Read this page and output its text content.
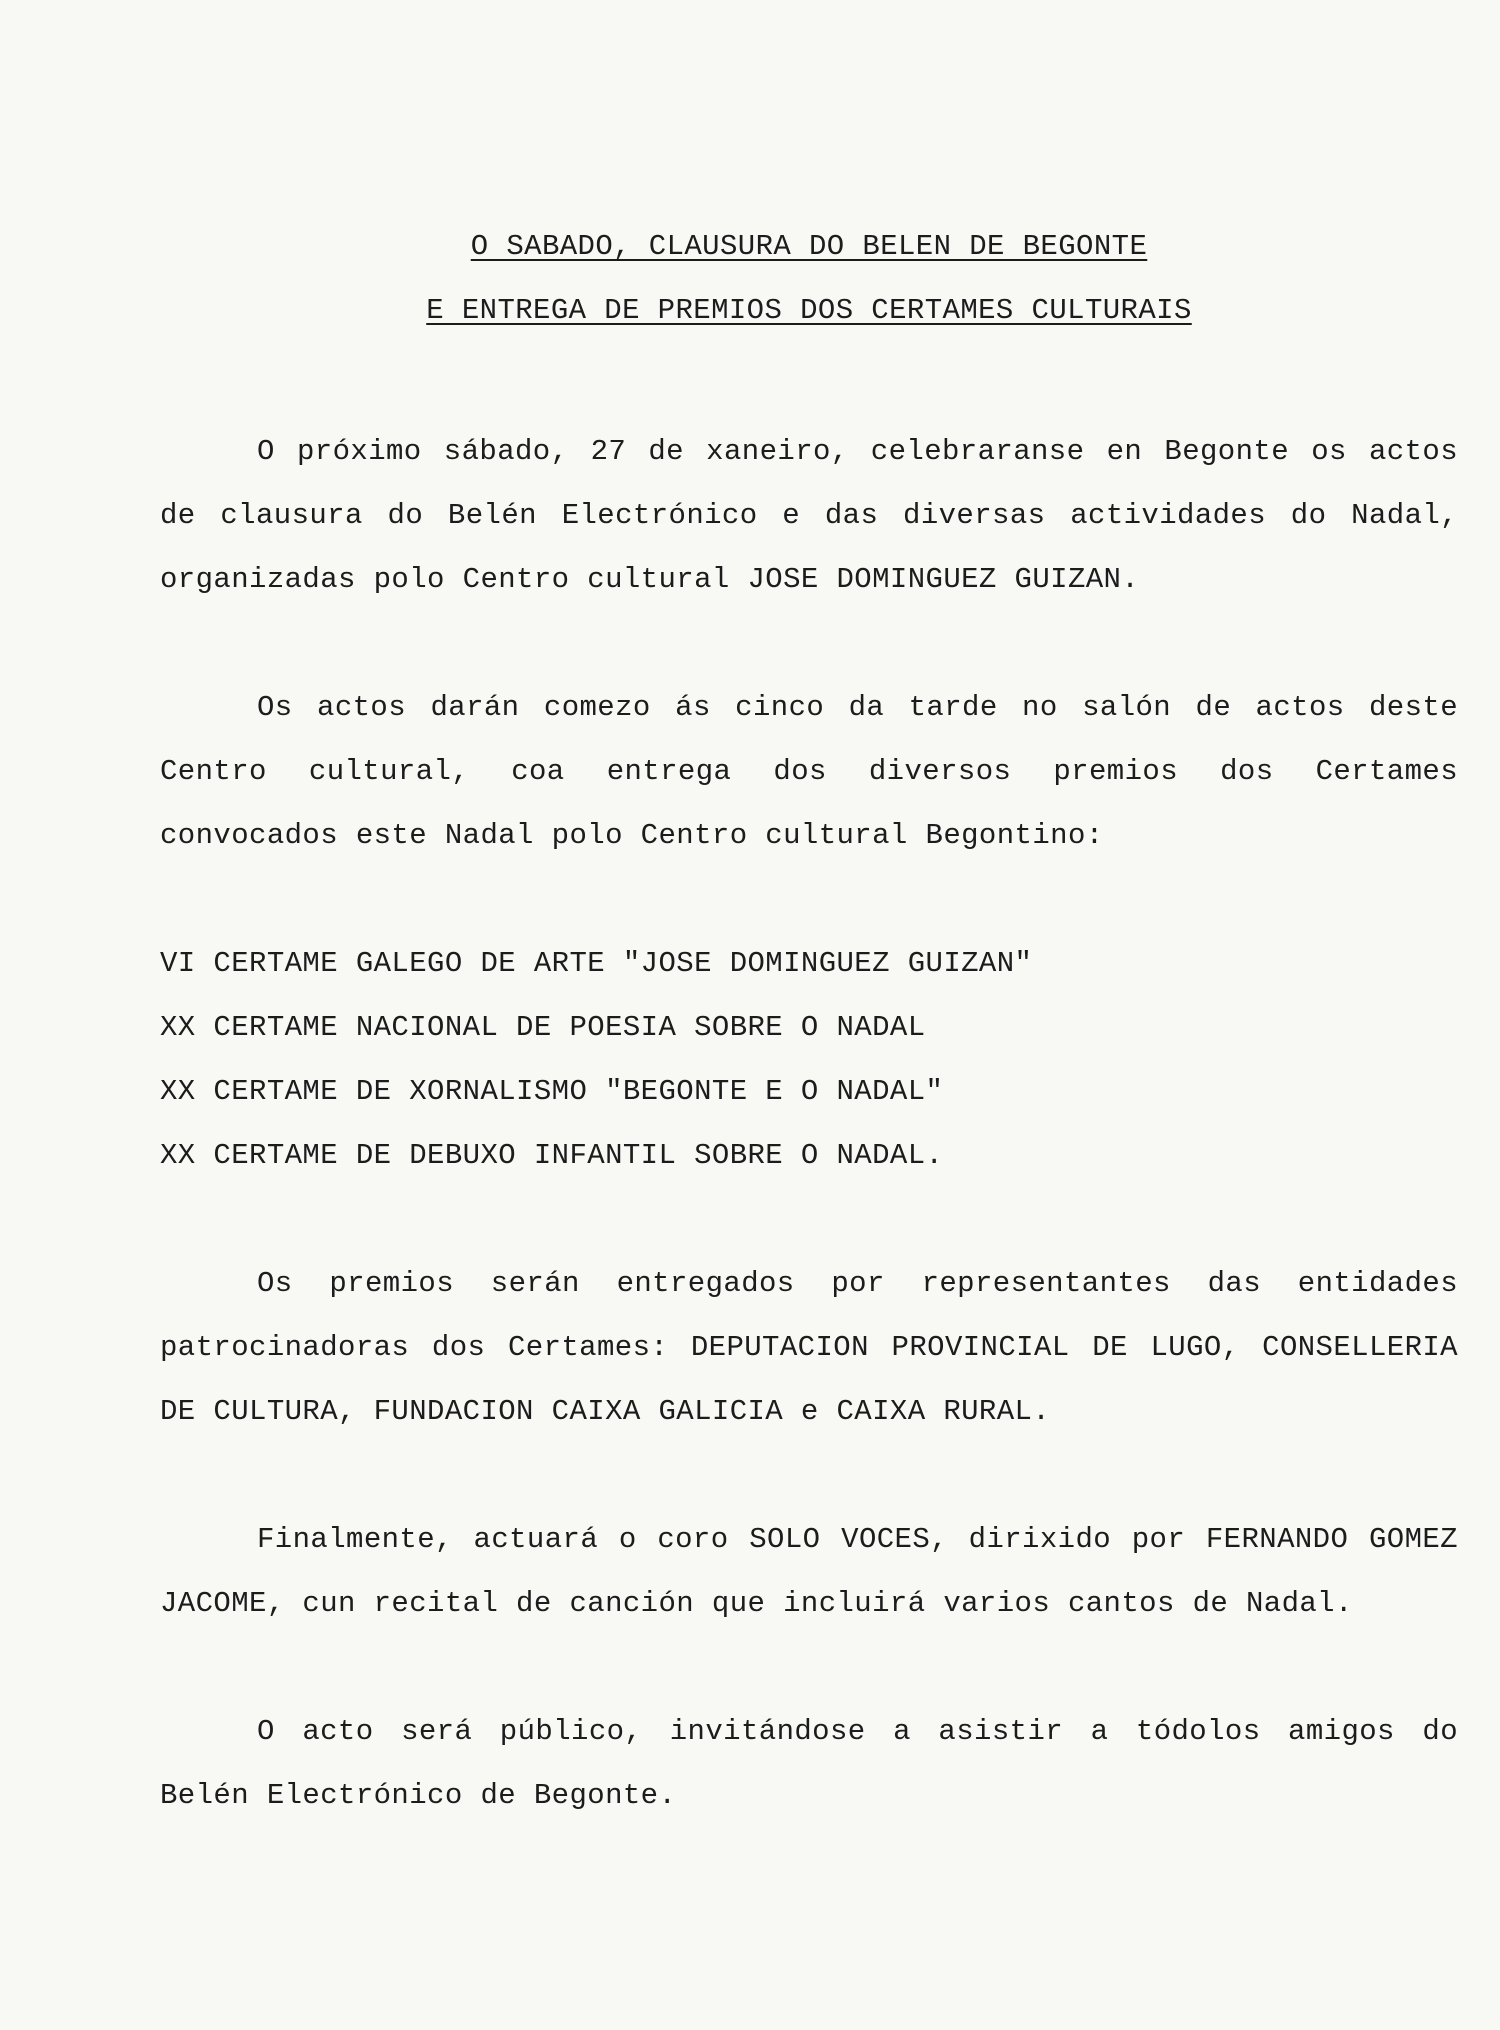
O SABADO, CLAUSURA DO BELEN DE BEGONTE
E ENTREGA DE PREMIOS DOS CERTAMES CULTURAIS

O próximo sábado, 27 de xaneiro, celebraranse en Begonte os actos de clausura do Belén Electrónico e das diversas actividades do Nadal, organizadas polo Centro cultural JOSE DOMINGUEZ GUIZAN.

Os actos darán comezo ás cinco da tarde no salón de actos deste Centro cultural, coa entrega dos diversos premios dos Certames convocados este Nadal polo Centro cultural Begontino:

VI CERTAME GALEGO DE ARTE "JOSE DOMINGUEZ GUIZAN"
XX CERTAME NACIONAL DE POESIA SOBRE O NADAL
XX CERTAME DE XORNALISMO "BEGONTE E O NADAL"
XX CERTAME DE DEBUXO INFANTIL SOBRE O NADAL.

Os premios serán entregados por representantes das entidades patrocinadoras dos Certames: DEPUTACION PROVINCIAL DE LUGO, CONSELLERIA DE CULTURA, FUNDACION CAIXA GALICIA e CAIXA RURAL.

Finalmente, actuará o coro SOLO VOCES, dirixido por FERNANDO GOMEZ JACOME, cun recital de canción que incluirá varios cantos de Nadal.

O acto será público, invitándose a asistir a tódolos amigos do Belén Electrónico de Begonte.
